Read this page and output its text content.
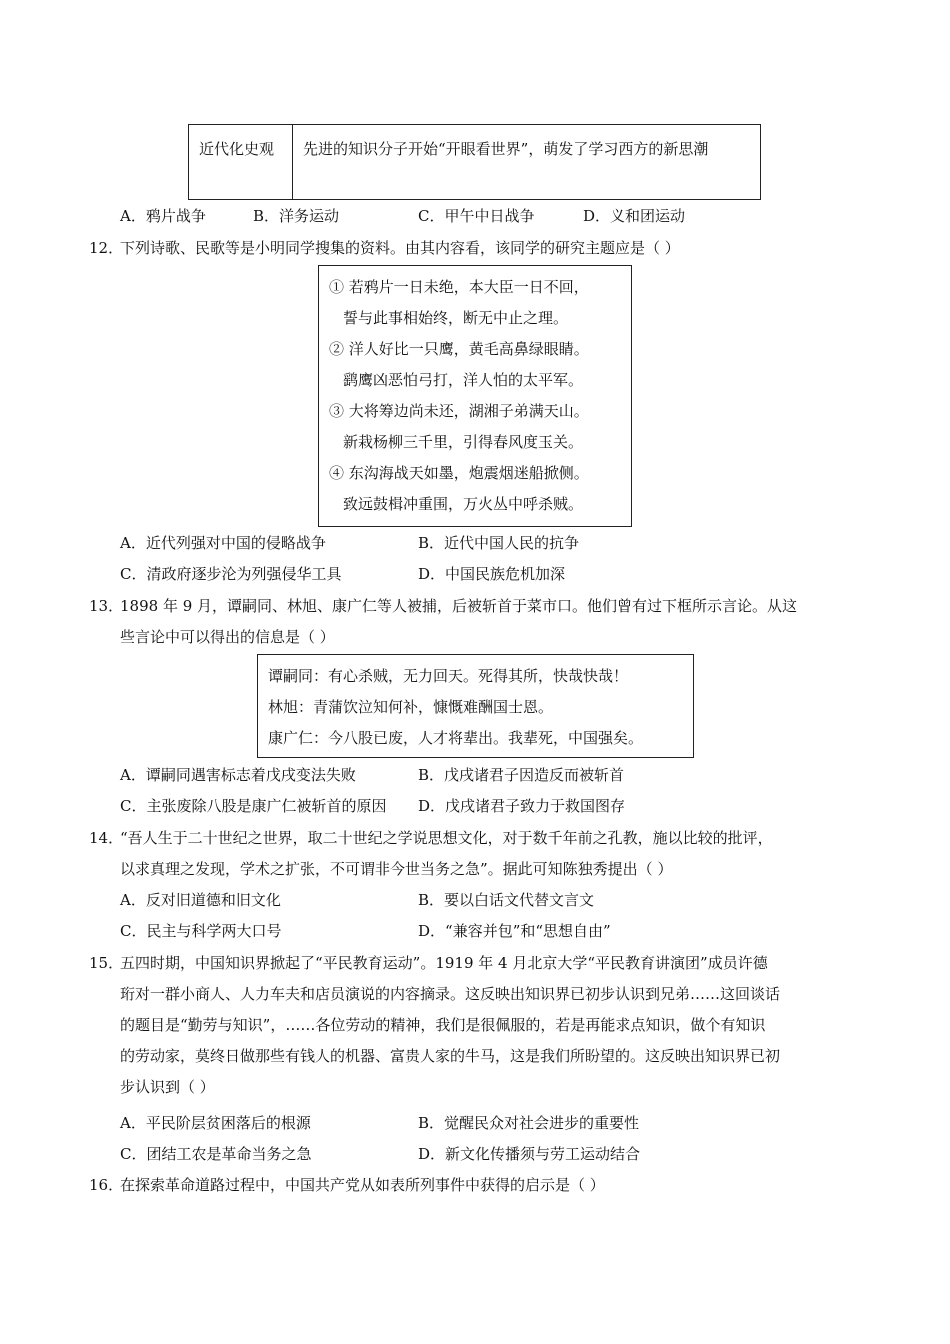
近代化史观	先进的知识分子开始“开眼看世界”，萌发了学习西方的新思潮
A．鸦片战争	B．洋务运动	C．甲午中日战争	D．义和团运动
12．
下列诗歌、民歌等是小明同学搜集的资料。由其内容看，该同学的研究主题应是（ ）
① 若鸦片一日未绝，本大臣一日不回，
誓与此事相始终，断无中止之理。
② 洋人好比一只鹰，黄毛高鼻绿眼睛。
鹞鹰凶恶怕弓打，洋人怕的太平军。
③ 大将筹边尚未还，湖湘子弟满天山。
新栽杨柳三千里，引得春风度玉关。
④ 东沟海战天如墨，炮震烟迷船掀侧。
致远鼓楫冲重围，万火丛中呼杀贼。
A．近代列强对中国的侵略战争	B．近代中国人民的抗争
C．清政府逐步沦为列强侵华工具	D．中国民族危机加深
13．
1898 年 9 月，谭嗣同、林旭、康广仁等人被捕，后被斩首于菜市口。他们曾有过下框所示言论。从这
些言论中可以得出的信息是（ ）
谭嗣同：有心杀贼，无力回天。死得其所，快哉快哉！
林旭：青蒲饮泣知何补，慷慨难酬国士恩。
康广仁：今八股已废，人才将辈出。我辈死，中国强矣。
A．谭嗣同遇害标志着戊戌变法失败	B．戊戌诸君子因造反而被斩首
C．主张废除八股是康广仁被斩首的原因 D．戊戌诸君子致力于救国图存
14．
“吾人生于二十世纪之世界，取二十世纪之学说思想文化，对于数千年前之孔教，施以比较的批评，
以求真理之发现，学术之扩张，不可谓非今世当务之急”。据此可知陈独秀提出（ ）
A．反对旧道德和旧文化	B．要以白话文代替文言文
C．民主与科学两大口号	D．“兼容并包”和“思想自由”
15．
五四时期，中国知识界掀起了“平民教育运动”。1919 年 4 月北京大学“平民教育讲演团”成员许德
珩对一群小商人、人力车夫和店员演说的内容摘录。这反映出知识界已初步认识到兄弟……这回谈话
的题目是“勤劳与知识”，……各位劳动的精神，我们是很佩服的，若是再能求点知识，做个有知识
的劳动家，莫终日做那些有钱人的机器、富贵人家的牛马，这是我们所盼望的。这反映出知识界已初
步认识到（ ）
A．平民阶层贫困落后的根源	B．觉醒民众对社会进步的重要性
C．团结工农是革命当务之急	D．新文化传播须与劳工运动结合
16．
在探索革命道路过程中，中国共产党从如表所列事件中获得的启示是（ ）
